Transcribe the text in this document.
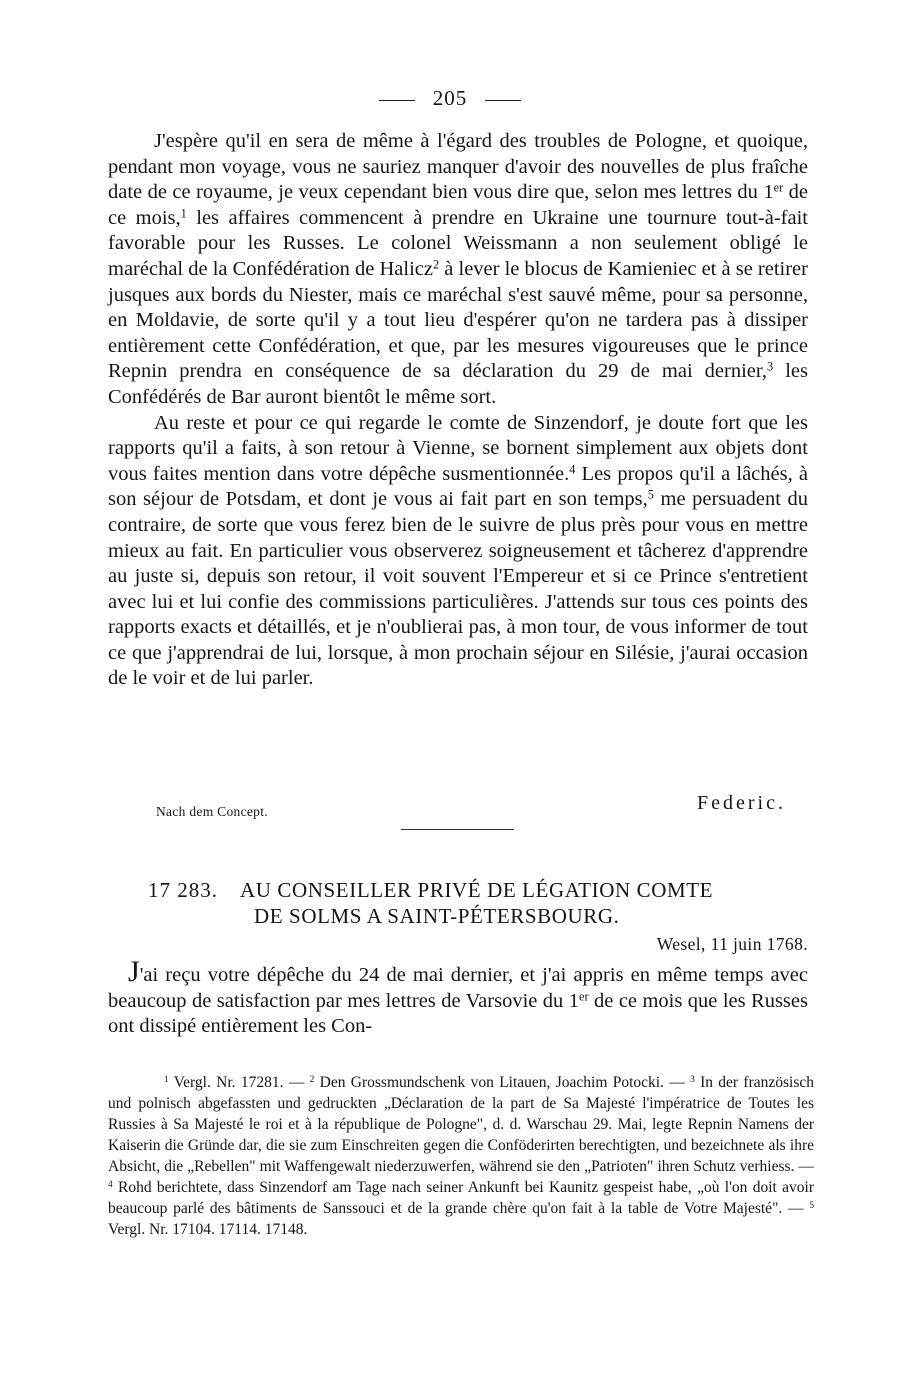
205

J'espère qu'il en sera de même à l'égard des troubles de Pologne, et quoique, pendant mon voyage, vous ne sauriez manquer d'avoir des nouvelles de plus fraîche date de ce royaume, je veux cependant bien vous dire que, selon mes lettres du 1er de ce mois,$^1$ les affaires commencent à prendre en Ukraine une tournure tout-à-fait favorable pour les Russes. Le colonel Weissmann a non seulement obligé le maréchal de la Confédération de Halicz$^2$ à lever le blocus de Kamieniec et à se retirer jusques aux bords du Niester, mais ce maréchal s'est sauvé même, pour sa personne, en Moldavie, de sorte qu'il y a tout lieu d'espérer qu'on ne tardera pas à dissiper entièrement cette Confédération, et que, par les mesures vigoureuses que le prince Repnin prendra en conséquence de sa déclaration du 29 de mai dernier,$^3$ les Confédérés de Bar auront bientôt le même sort.

Au reste et pour ce qui regarde le comte de Sinzendorf, je doute fort que les rapports qu'il a faits, à son retour à Vienne, se bornent simplement aux objets dont vous faites mention dans votre dépêche susmentionnée.$^4$ Les propos qu'il a lâchés, à son séjour de Potsdam, et dont je vous ai fait part en son temps,$^5$ me persuadent du contraire, de sorte que vous ferez bien de le suivre de plus près pour vous en mettre mieux au fait. En particulier vous observerez soigneusement et tâcherez d'apprendre au juste si, depuis son retour, il voit souvent l'Empereur et si ce Prince s'entretient avec lui et lui confie des commissions particulières. J'attends sur tous ces points des rapports exacts et détaillés, et je n'oublierai pas, à mon tour, de vous informer de tout ce que j'apprendrai de lui, lorsque, à mon prochain séjour en Silésie, j'aurai occasion de le voir et de lui parler.

Nach dem Concept.	Federic.
17 283. AU CONSEILLER PRIVÉ DE LÉGATION COMTE
DE SOLMS A SAINT-PÉTERSBOURG.
Wesel, 11 juin 1768.

J'ai reçu votre dépêche du 24 de mai dernier, et j'ai appris en même temps avec beaucoup de satisfaction par mes lettres de Varsovie du 1er de ce mois que les Russes ont dissipé entièrement les Con-

$^1$ Vergl. Nr. 17281. — $^2$ Den Grossmundschenk von Litauen, Joachim Potocki. — $^3$ In der französisch und polnisch abgefassten und gedruckten „Déclaration de la part de Sa Majesté l'impératrice de Toutes les Russies à Sa Majesté le roi et à la république de Pologne", d. d. Warschau 29. Mai, legte Repnin Namens der Kaiserin die Gründe dar, die sie zum Einschreiten gegen die Conföderirten berechtigten, und bezeichnete als ihre Absicht, die „Rebellen" mit Waffengewalt niederzuwerfen, während sie den „Patrioten" ihren Schutz verhiess. — $^4$ Rohd berichtete, dass Sinzendorf am Tage nach seiner Ankunft bei Kaunitz gespeist habe, „où l'on doit avoir beaucoup parlé des bâtiments de Sanssouci et de la grande chère qu'on fait à la table de Votre Majesté". — $^5$ Vergl. Nr. 17104. 17114. 17148.
